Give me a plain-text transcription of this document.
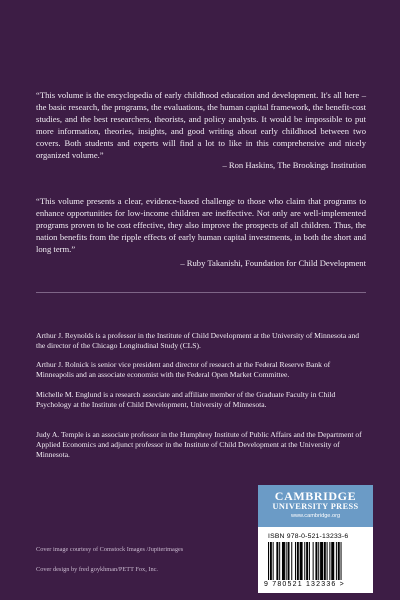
“This volume is the encyclopedia of early childhood education and development. It's all here – the basic research, the programs, the evaluations, the human capital framework, the benefit-cost studies, and the best researchers, theorists, and policy analysts. It would be impossible to put more information, theories, insights, and good writing about early childhood between two covers. Both students and experts will find a lot to like in this comprehensive and nicely organized volume.”

– Ron Haskins, The Brookings Institution

“This volume presents a clear, evidence-based challenge to those who claim that programs to enhance opportunities for low-income children are ineffective. Not only are well-implemented programs proven to be cost effective, they also improve the prospects of all children. Thus, the nation benefits from the ripple effects of early human capital investments, in both the short and long term.”

– Ruby Takanishi, Foundation for Child Development

Arthur J. Reynolds is a professor in the Institute of Child Development at the University of Minnesota and the director of the Chicago Longitudinal Study (CLS).

Arthur J. Rolnick is senior vice president and director of research at the Federal Reserve Bank of Minneapolis and an associate economist with the Federal Open Market Committee.

Michelle M. Englund is a research associate and affiliate member of the Graduate Faculty in Child Psychology at the Institute of Child Development, University of Minnesota.

Judy A. Temple is an associate professor in the Humphrey Institute of Public Affairs and the Department of Applied Economics and adjunct professor in the Institute of Child Development at the University of Minnesota.

Cover image courtesy of Comstock Images /Jupiterimages
Cover design by fred goykhman/PETT Fox, Inc.
CAMBRIDGE
UNIVERSITY PRESS
www.cambridge.org
ISBN 978-0-521-13233-6
9 780521 132336 >
